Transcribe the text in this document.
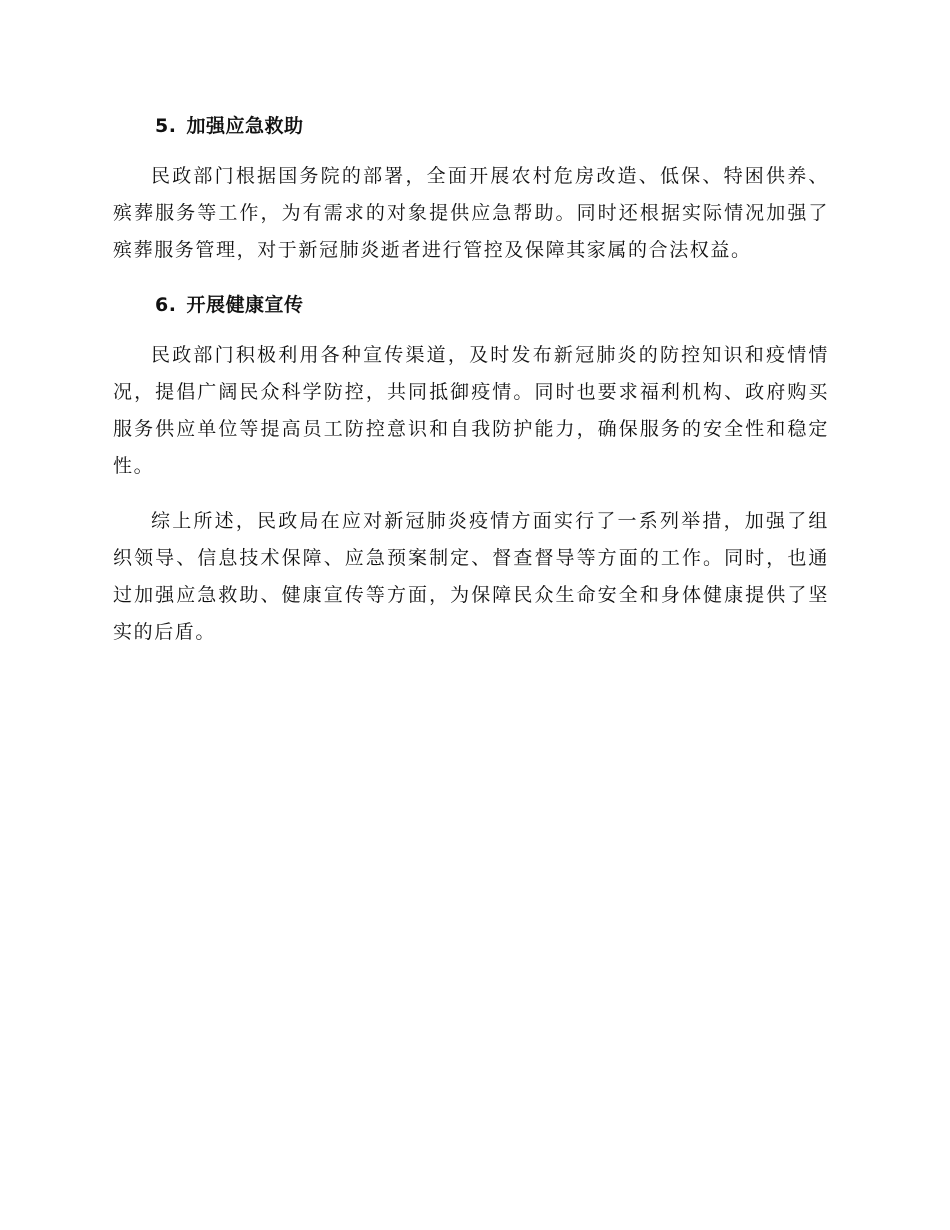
5. 加强应急救助

民政部门根据国务院的部署，全面开展农村危房改造、低保、特困供养、殡葬服务等工作，为有需求的对象提供应急帮助。同时还根据实际情况加强了殡葬服务管理，对于新冠肺炎逝者进行管控及保障其家属的合法权益。

6. 开展健康宣传

民政部门积极利用各种宣传渠道，及时发布新冠肺炎的防控知识和疫情情况，提倡广阔民众科学防控，共同抵御疫情。同时也要求福利机构、政府购买服务供应单位等提高员工防控意识和自我防护能力，确保服务的安全性和稳定性。

综上所述，民政局在应对新冠肺炎疫情方面实行了一系列举措，加强了组织领导、信息技术保障、应急预案制定、督查督导等方面的工作。同时，也通过加强应急救助、健康宣传等方面，为保障民众生命安全和身体健康提供了坚实的后盾。
